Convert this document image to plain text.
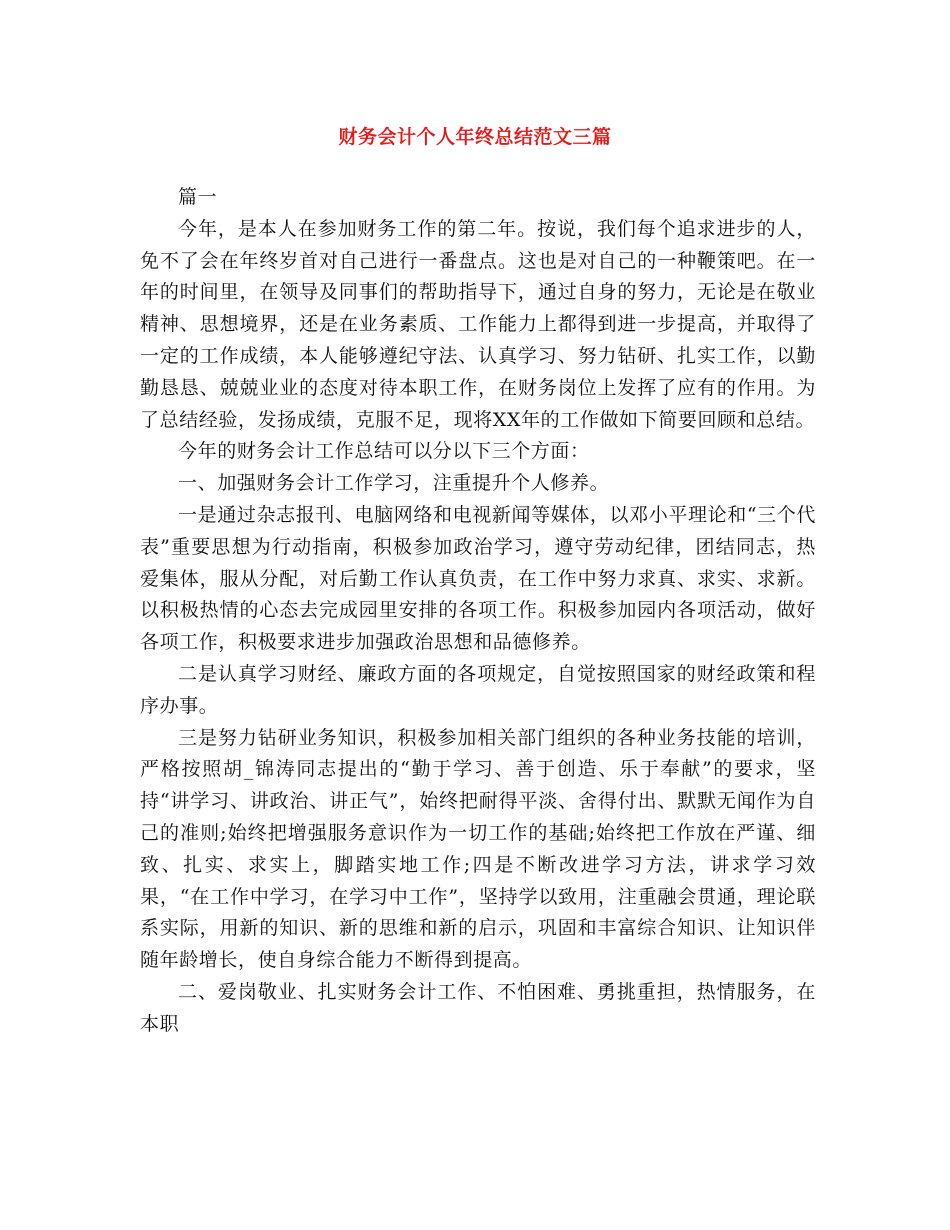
财务会计个人年终总结范文三篇

篇一

今年，是本人在参加财务工作的第二年。按说，我们每个追求进步的人，免不了会在年终岁首对自己进行一番盘点。这也是对自己的一种鞭策吧。在一年的时间里，在领导及同事们的帮助指导下，通过自身的努力，无论是在敬业精神、思想境界，还是在业务素质、工作能力上都得到进一步提高，并取得了一定的工作成绩，本人能够遵纪守法、认真学习、努力钻研、扎实工作，以勤勤恳恳、兢兢业业的态度对待本职工作，在财务岗位上发挥了应有的作用。为了总结经验，发扬成绩，克服不足，现将XX年的工作做如下简要回顾和总结。

今年的财务会计工作总结可以分以下三个方面：

一、加强财务会计工作学习，注重提升个人修养。

一是通过杂志报刊、电脑网络和电视新闻等媒体，以邓小平理论和“三个代表”重要思想为行动指南，积极参加政治学习，遵守劳动纪律，团结同志，热爱集体，服从分配，对后勤工作认真负责，在工作中努力求真、求实、求新。以积极热情的心态去完成园里安排的各项工作。积极参加园内各项活动，做好各项工作，积极要求进步加强政治思想和品德修养。

二是认真学习财经、廉政方面的各项规定，自觉按照国家的财经政策和程序办事。

三是努力钻研业务知识，积极参加相关部门组织的各种业务技能的培训，严格按照胡_锦涛同志提出的“勤于学习、善于创造、乐于奉献”的要求，坚持“讲学习、讲政治、讲正气”，始终把耐得平淡、舍得付出、默默无闻作为自己的准则;始终把增强服务意识作为一切工作的基础;始终把工作放在严谨、细致、扎实、求实上，脚踏实地工作;四是不断改进学习方法，讲求学习效果，“在工作中学习，在学习中工作”，坚持学以致用，注重融会贯通，理论联系实际，用新的知识、新的思维和新的启示，巩固和丰富综合知识、让知识伴随年龄增长，使自身综合能力不断得到提高。

二、爱岗敬业、扎实财务会计工作、不怕困难、勇挑重担，热情服务，在本职
